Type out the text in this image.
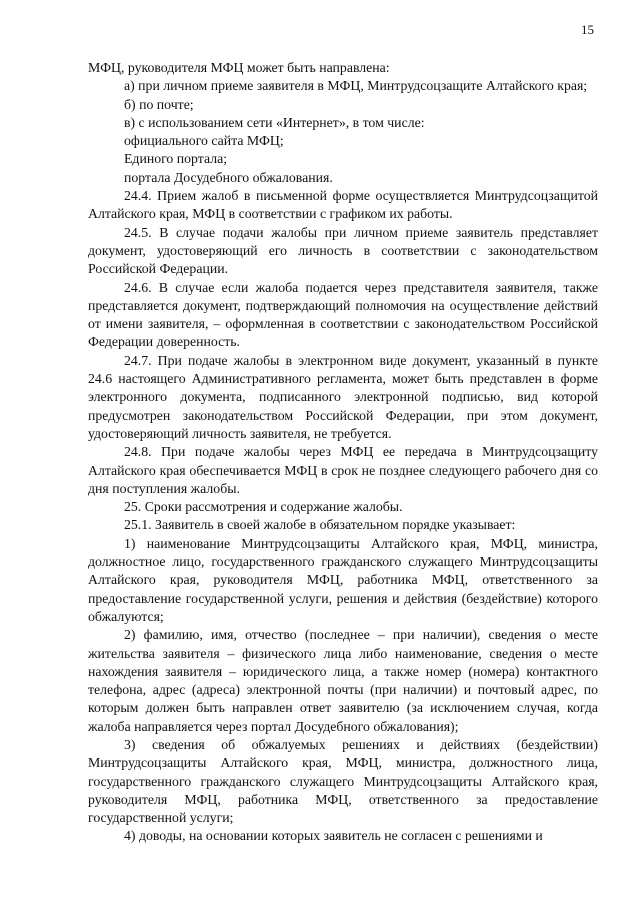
15

МФЦ, руководителя МФЦ может быть направлена:

а) при личном приеме заявителя в МФЦ, Минтрудсоцзащите Алтайского края;

б) по почте;

в) с использованием сети «Интернет», в том числе:

официального сайта МФЦ;

Единого портала;

портала Досудебного обжалования.

24.4. Прием жалоб в письменной форме осуществляется Минтрудсоцзащитой Алтайского края, МФЦ в соответствии с графиком их работы.

24.5. В случае подачи жалобы при личном приеме заявитель представляет документ, удостоверяющий его личность в соответствии с законодательством Российской Федерации.

24.6. В случае если жалоба подается через представителя заявителя, также представляется документ, подтверждающий полномочия на осуществление действий от имени заявителя, – оформленная в соответствии с законодательством Российской Федерации доверенность.

24.7. При подаче жалобы в электронном виде документ, указанный в пункте 24.6 настоящего Административного регламента, может быть представлен в форме электронного документа, подписанного электронной подписью, вид которой предусмотрен законодательством Российской Федерации, при этом документ, удостоверяющий личность заявителя, не требуется.

24.8. При подаче жалобы через МФЦ ее передача в Минтрудсоцзащиту Алтайского края обеспечивается МФЦ в срок не позднее следующего рабочего дня со дня поступления жалобы.

25. Сроки рассмотрения и содержание жалобы.

25.1. Заявитель в своей жалобе в обязательном порядке указывает:

1) наименование Минтрудсоцзащиты Алтайского края, МФЦ, министра, должностное лицо, государственного гражданского служащего Минтрудсоцзащиты Алтайского края, руководителя МФЦ, работника МФЦ, ответственного за предоставление государственной услуги, решения и действия (бездействие) которого обжалуются;

2) фамилию, имя, отчество (последнее – при наличии), сведения о месте жительства заявителя – физического лица либо наименование, сведения о месте нахождения заявителя – юридического лица, а также номер (номера) контактного телефона, адрес (адреса) электронной почты (при наличии) и почтовый адрес, по которым должен быть направлен ответ заявителю (за исключением случая, когда жалоба направляется через портал Досудебного обжалования);

3) сведения об обжалуемых решениях и действиях (бездействии) Минтрудсоцзащиты Алтайского края, МФЦ, министра, должностного лица, государственного гражданского служащего Минтрудсоцзащиты Алтайского края, руководителя МФЦ, работника МФЦ, ответственного за предоставление государственной услуги;

4) доводы, на основании которых заявитель не согласен с решениями и
